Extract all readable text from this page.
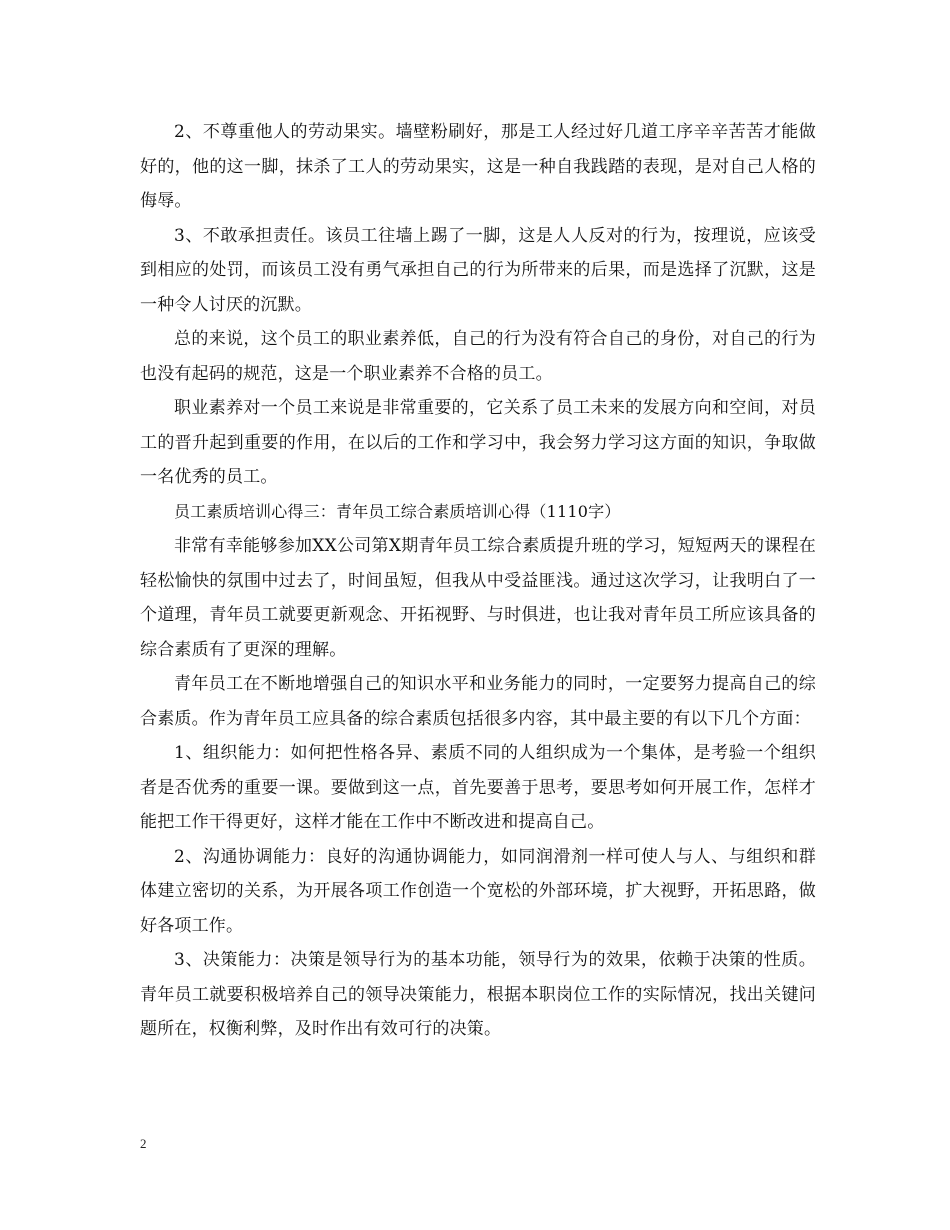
2、不尊重他人的劳动果实。墙壁粉刷好，那是工人经过好几道工序辛辛苦苦才能做好的，他的这一脚，抹杀了工人的劳动果实，这是一种自我践踏的表现，是对自己人格的侮辱。

3、不敢承担责任。该员工往墙上踢了一脚，这是人人反对的行为，按理说，应该受到相应的处罚，而该员工没有勇气承担自己的行为所带来的后果，而是选择了沉默，这是一种令人讨厌的沉默。

总的来说，这个员工的职业素养低，自己的行为没有符合自己的身份，对自己的行为也没有起码的规范，这是一个职业素养不合格的员工。

职业素养对一个员工来说是非常重要的，它关系了员工未来的发展方向和空间，对员工的晋升起到重要的作用，在以后的工作和学习中，我会努力学习这方面的知识，争取做一名优秀的员工。

员工素质培训心得三：青年员工综合素质培训心得（1110字）

非常有幸能够参加XX公司第X期青年员工综合素质提升班的学习，短短两天的课程在轻松愉快的氛围中过去了，时间虽短，但我从中受益匪浅。通过这次学习，让我明白了一个道理，青年员工就要更新观念、开拓视野、与时俱进，也让我对青年员工所应该具备的综合素质有了更深的理解。

青年员工在不断地增强自己的知识水平和业务能力的同时，一定要努力提高自己的综合素质。作为青年员工应具备的综合素质包括很多内容，其中最主要的有以下几个方面：

1、组织能力：如何把性格各异、素质不同的人组织成为一个集体，是考验一个组织者是否优秀的重要一课。要做到这一点，首先要善于思考，要思考如何开展工作，怎样才能把工作干得更好，这样才能在工作中不断改进和提高自己。

2、沟通协调能力：良好的沟通协调能力，如同润滑剂一样可使人与人、与组织和群体建立密切的关系，为开展各项工作创造一个宽松的外部环境，扩大视野，开拓思路，做好各项工作。

3、决策能力：决策是领导行为的基本功能，领导行为的效果，依赖于决策的性质。青年员工就要积极培养自己的领导决策能力，根据本职岗位工作的实际情况，找出关键问题所在，权衡利弊，及时作出有效可行的决策。

2
